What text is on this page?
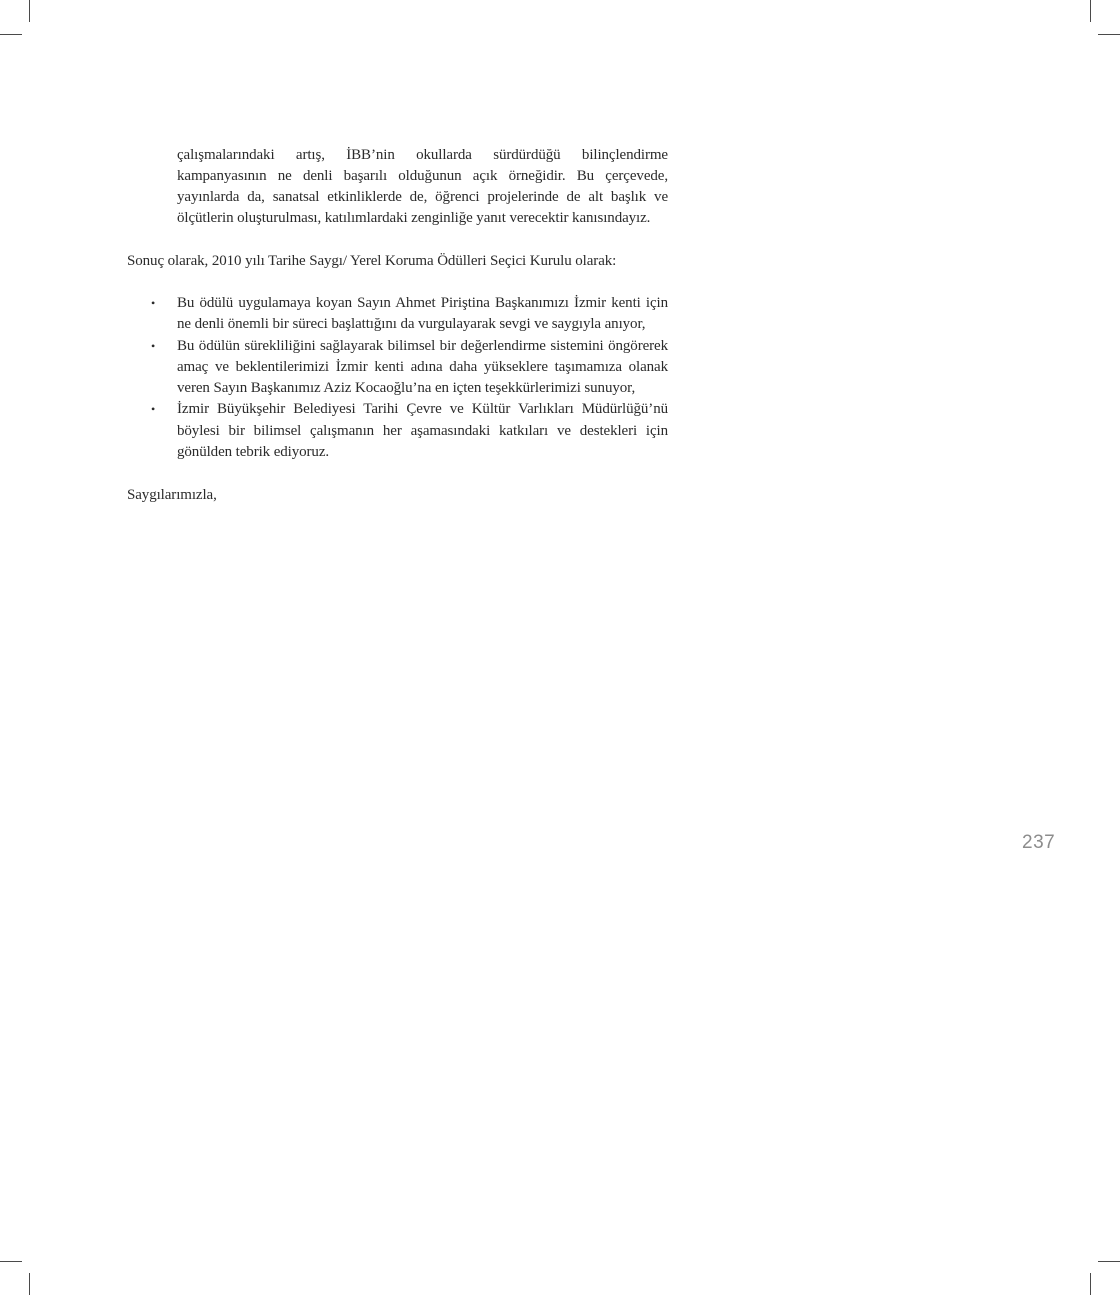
çalışmalarındaki artış, İBB’nin okullarda sürdürdüğü bilinçlendirme
kampanyasının ne denli başarılı olduğunun açık örneğidir. Bu çerçevede,
yayınlarda da, sanatsal etkinliklerde de, öğrenci projelerinde de alt başlık ve
ölçütlerin oluşturulması, katılımlardaki zenginliğe yanıt verecektir kanısındayız.
Sonuç olarak, 2010 yılı Tarihe Saygı/ Yerel Koruma Ödülleri Seçici Kurulu olarak:
• Bu ödülü uygulamaya koyan Sayın Ahmet Piriştina Başkanımızı İzmir kenti için
ne denli önemli bir süreci başlattığını da vurgulayarak sevgi ve saygıyla anıyor,
• Bu ödülün sürekliliğini sağlayarak bilimsel bir değerlendirme sistemini öngörerek
amaç ve beklentilerimizi İzmir kenti adına daha yükseklere taşımamıza olanak
veren Sayın Başkanımız Aziz Kocaoğlu’na en içten teşekkürlerimizi sunuyor,
• İzmir Büyükşehir Belediyesi Tarihi Çevre ve Kültür Varlıkları Müdürlüğü’nü
böylesi bir bilimsel çalışmanın her aşamasındaki katkıları ve destekleri için
gönülden tebrik ediyoruz.
Saygılarımızla,
237
